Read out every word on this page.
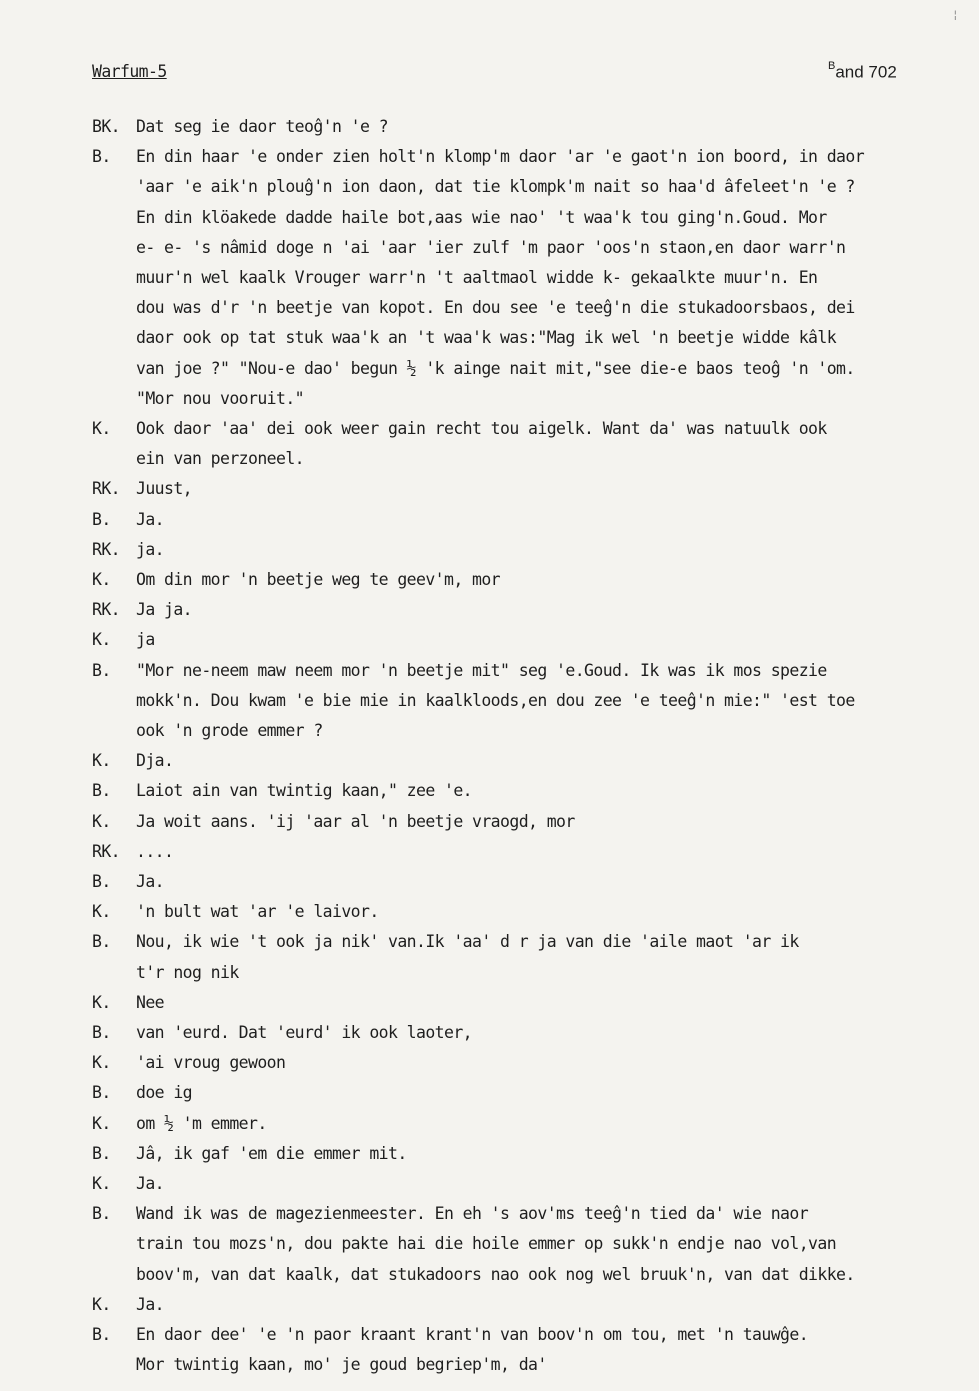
¦
Warfum-5	$^B$and 702
BK. Dat seg ie daor teoĝ'n 'e ?
B. En din haar 'e onder zien holt'n klomp'm daor 'ar 'e gaot'n ion boord, in daor
'aar 'e aik'n plouĝ'n ion daon, dat tie klompk'm nait so haa'd âfeleet'n 'e ?
En din klöakede dadde haile bot,aas wie nao' 't waa'k tou ging'n.Goud. Mor
e- e- 's nâmid doge n 'ai 'aar 'ier zulf 'm paor 'oos'n staon,en daor warr'n
muur'n wel kaalk Vrouger warr'n 't aaltmaol widde k- gekaalkte muur'n. En
dou was d'r 'n beetje van kopot. En dou see 'e teeĝ'n die stukadoorsbaos, dei
daor ook op tat stuk waa'k an 't waa'k was:"Mag ik wel 'n beetje widde kâlk
van joe ?" "Nou-e dao' begun ½ 'k ainge nait mit,"see die-e baos teoĝ 'n 'om.
"Mor nou vooruit."
K. Ook daor 'aa' dei ook weer gain recht tou aigelk. Want da' was natuulk ook
ein van perzoneel.
RK. Juust,
B. Ja.
RK. ja.
K. Om din mor 'n beetje weg te geev'm, mor
RK. Ja ja.
K. ja
B. "Mor ne-neem maw neem mor 'n beetje mit" seg 'e.Goud. Ik was ik mos spezie
mokk'n. Dou kwam 'e bie mie in kaalkloods,en dou zee 'e teeĝ'n mie:" 'est toe
ook 'n grode emmer ?
K. Dja.
B. Laiot ain van twintig kaan," zee 'e.
K. Ja woit aans. 'ij 'aar al 'n beetje vraogd, mor
RK. ....
B. Ja.
K. 'n bult wat 'ar 'e laivor.
B. Nou, ik wie 't ook ja nik' van.Ik 'aa' d r ja van die 'aile maot 'ar ik
t'r nog nik
K. Nee
B. van 'eurd. Dat 'eurd' ik ook laoter,
K. 'ai vroug gewoon
B. doe ig
K. om ½ 'm emmer.
B. Jâ, ik gaf 'em die emmer mit.
K. Ja.
B. Wand ik was de magezienmeester. En eh 's aov'ms teeĝ'n tied da' wie naor
train tou mozs'n, dou pakte hai die hoile emmer op sukk'n endje nao vol,van
boov'm, van dat kaalk, dat stukadoors nao ook nog wel bruuk'n, van dat dikke.
K. Ja.
B. En daor dee' 'e 'n paor kraant krant'n van boov'n om tou, met 'n tauwĝe.
Mor twintig kaan, mo' je goud begriep'm, da'
